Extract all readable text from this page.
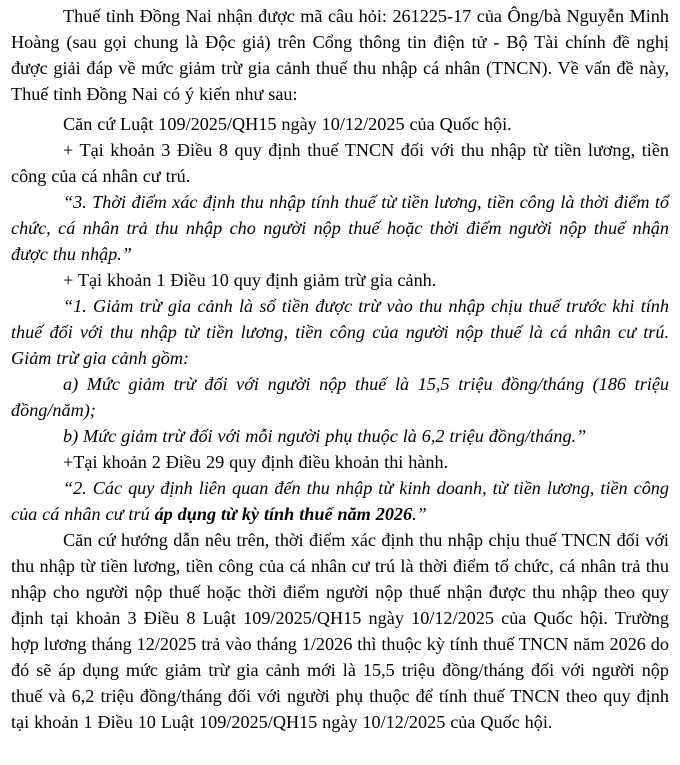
Thuế tỉnh Đồng Nai nhận được mã câu hỏi: 261225-17 của Ông/bà Nguyễn Minh Hoàng (sau gọi chung là Độc giả) trên Cổng thông tin điện tử - Bộ Tài chính đề nghị được giải đáp về mức giảm trừ gia cảnh thuế thu nhập cá nhân (TNCN). Về vấn đề này, Thuế tỉnh Đồng Nai có ý kiến như sau:

Căn cứ Luật 109/2025/QH15 ngày 10/12/2025 của Quốc hội.

+ Tại khoản 3 Điều 8 quy định thuế TNCN đối với thu nhập từ tiền lương, tiền công của cá nhân cư trú.

“3. Thời điểm xác định thu nhập tính thuế từ tiền lương, tiền công là thời điểm tổ chức, cá nhân trả thu nhập cho người nộp thuế hoặc thời điểm người nộp thuế nhận được thu nhập.”

+ Tại khoản 1 Điều 10 quy định giảm trừ gia cảnh.

“1. Giảm trừ gia cảnh là số tiền được trừ vào thu nhập chịu thuế trước khi tính thuế đối với thu nhập từ tiền lương, tiền công của người nộp thuế là cá nhân cư trú. Giảm trừ gia cảnh gồm:

a) Mức giảm trừ đối với người nộp thuế là 15,5 triệu đồng/tháng (186 triệu đồng/năm);

b) Mức giảm trừ đối với mỗi người phụ thuộc là 6,2 triệu đồng/tháng.”

+Tại khoản 2 Điều 29 quy định điều khoản thi hành.

“2. Các quy định liên quan đến thu nhập từ kinh doanh, từ tiền lương, tiền công của cá nhân cư trú áp dụng từ kỳ tính thuế năm 2026.”

Căn cứ hướng dẫn nêu trên, thời điểm xác định thu nhập chịu thuế TNCN đối với thu nhập từ tiền lương, tiền công của cá nhân cư trú là thời điểm tổ chức, cá nhân trả thu nhập cho người nộp thuế hoặc thời điểm người nộp thuế nhận được thu nhập theo quy định tại khoản 3 Điều 8 Luật 109/2025/QH15 ngày 10/12/2025 của Quốc hội. Trường hợp lương tháng 12/2025 trả vào tháng 1/2026 thì thuộc kỳ tính thuế TNCN năm 2026 do đó sẽ áp dụng mức giảm trừ gia cảnh mới là 15,5 triệu đồng/tháng đối với người nộp thuế và 6,2 triệu đồng/tháng đối với người phụ thuộc để tính thuế TNCN theo quy định tại khoản 1 Điều 10 Luật 109/2025/QH15 ngày 10/12/2025 của Quốc hội.
